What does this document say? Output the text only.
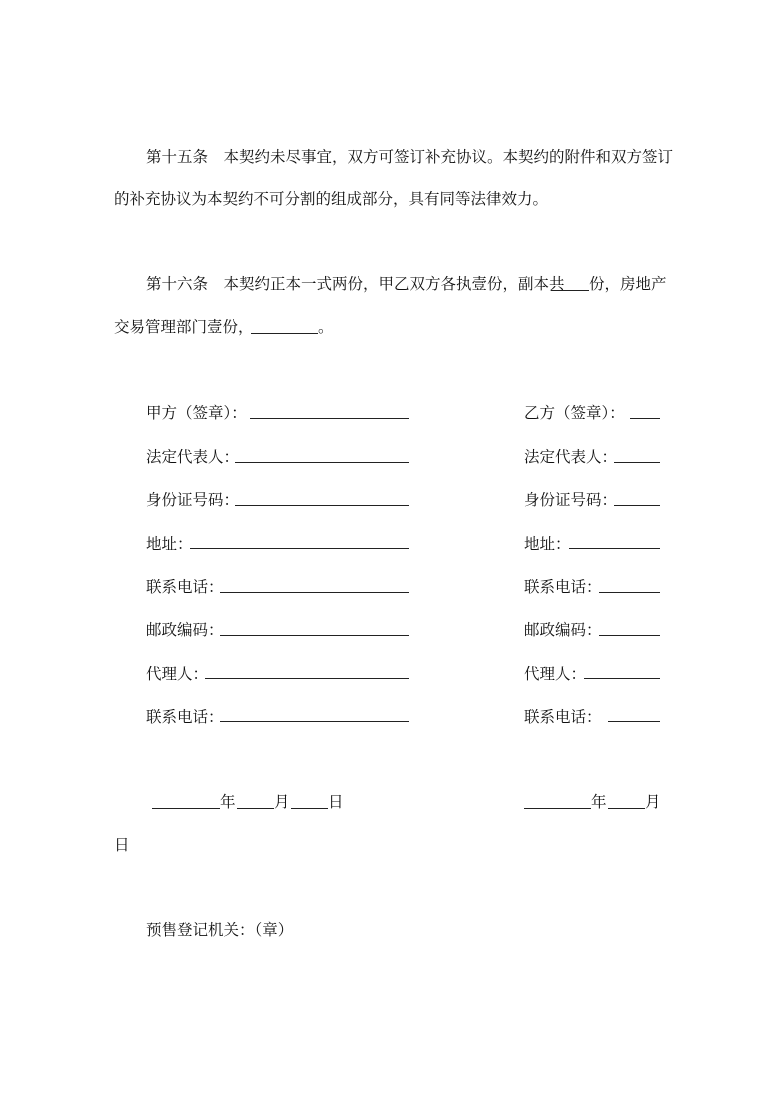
第十五条　本契约未尽事宜，双方可签订补充协议。本契约的附件和双方签订
的补充协议为本契约不可分割的组成部分，具有同等法律效力。
第十六条　本契约正本一式两份，甲乙双方各执壹份，副本共 份，房地产
交易管理部门壹份，	。
甲方（签章）：
法定代表人：
身份证号码：
地址：
联系电话：
邮政编码：
代理人：
联系电话：
乙方（签章）：
法定代表人：
身份证号码：
地址：
联系电话：
邮政编码：
代理人：
联系电话：
年 月 日	年 月
日
预售登记机关：（章）
